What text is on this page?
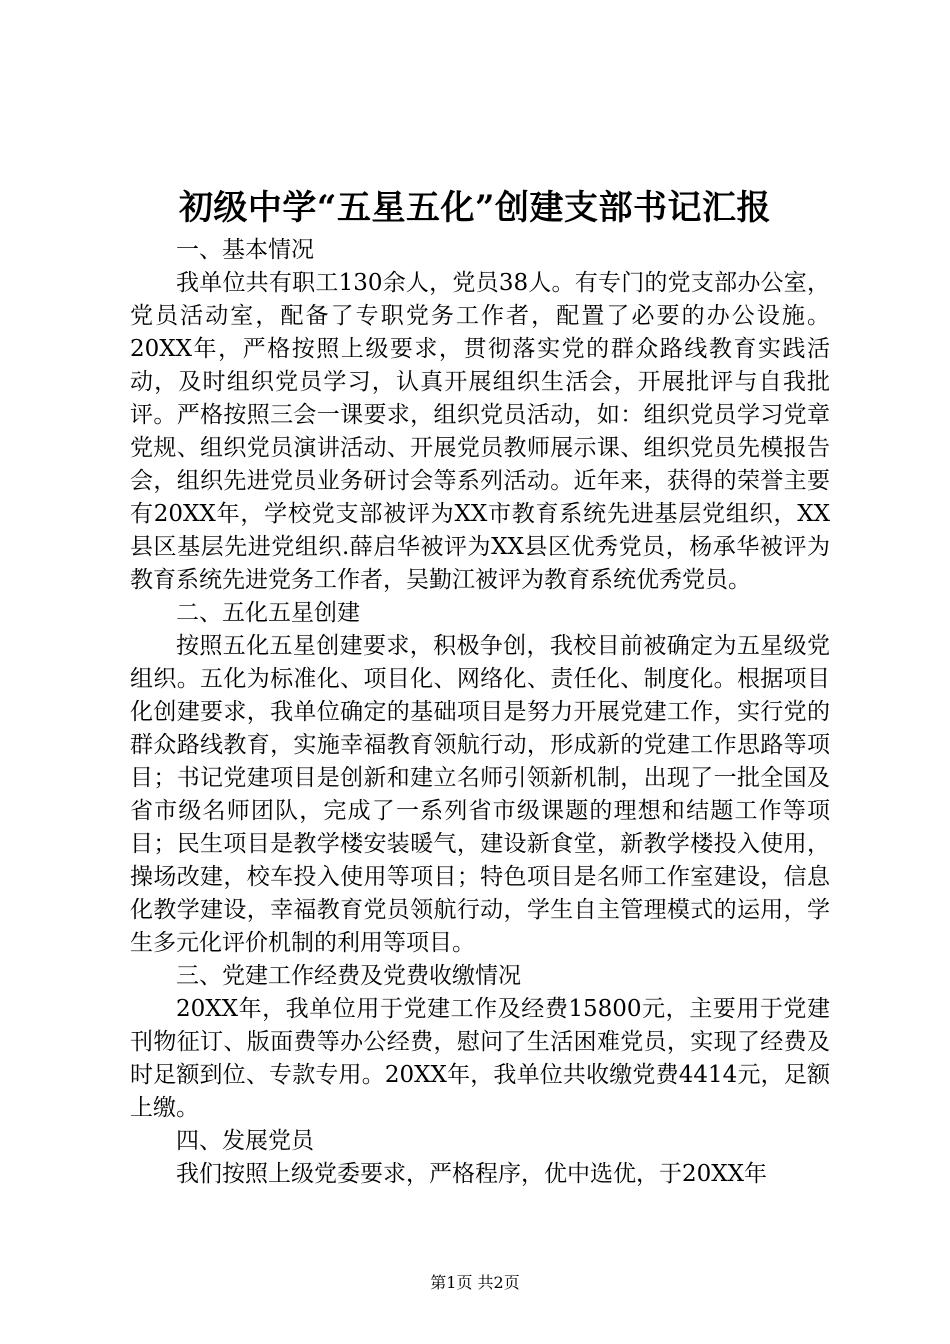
初级中学“五星五化”创建支部书记汇报

一、基本情况

我单位共有职工130余人，党员38人。有专门的党支部办公室，党员活动室，配备了专职党务工作者，配置了必要的办公设施。20XX年，严格按照上级要求，贯彻落实党的群众路线教育实践活动，及时组织党员学习，认真开展组织生活会，开展批评与自我批评。严格按照三会一课要求，组织党员活动，如：组织党员学习党章党规、组织党员演讲活动、开展党员教师展示课、组织党员先模报告会，组织先进党员业务研讨会等系列活动。近年来，获得的荣誉主要有20XX年，学校党支部被评为XX市教育系统先进基层党组织，XX县区基层先进党组织.薛启华被评为XX县区优秀党员，杨承华被评为教育系统先进党务工作者，吴勤江被评为教育系统优秀党员。

二、五化五星创建

按照五化五星创建要求，积极争创，我校目前被确定为五星级党组织。五化为标准化、项目化、网络化、责任化、制度化。根据项目化创建要求，我单位确定的基础项目是努力开展党建工作，实行党的群众路线教育，实施幸福教育领航行动，形成新的党建工作思路等项目；书记党建项目是创新和建立名师引领新机制，出现了一批全国及省市级名师团队，完成了一系列省市级课题的理想和结题工作等项目；民生项目是教学楼安装暖气，建设新食堂，新教学楼投入使用，操场改建，校车投入使用等项目；特色项目是名师工作室建设，信息化教学建设，幸福教育党员领航行动，学生自主管理模式的运用，学生多元化评价机制的利用等项目。

三、党建工作经费及党费收缴情况

20XX年，我单位用于党建工作及经费15800元，主要用于党建刊物征订、版面费等办公经费，慰问了生活困难党员，实现了经费及时足额到位、专款专用。20XX年，我单位共收缴党费4414元，足额上缴。

四、发展党员

我们按照上级党委要求，严格程序，优中选优，于20XX年

第1页 共2页
